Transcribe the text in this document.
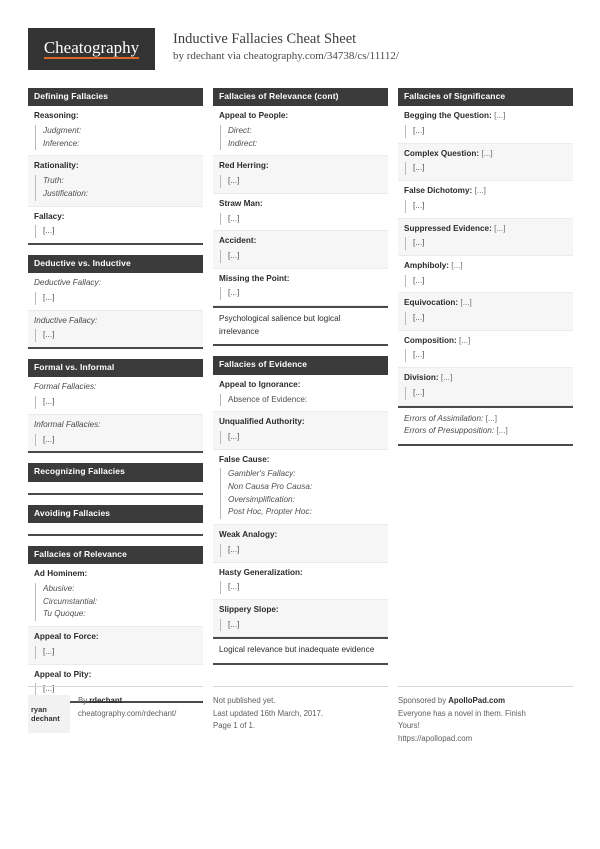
Cheatography Inductive Fallacies Cheat Sheet
by rdechant via cheatography.com/34738/cs/11112/
Defining Fallacies
Reasoning:
Judgment:
Inference:
Rationality:
Truth:
Justification:
Fallacy:
[...]
Deductive vs. Inductive
Deductive Fallacy:
[...]
Inductive Fallacy:
[...]
Formal vs. Informal
Formal Fallacies:
[...]
Informal Fallacies:
[...]
Recognizing Fallacies
Avoiding Fallacies
Fallacies of Relevance
Ad Hominem:
Abusive:
Circumstantial:
Tu Quoque:
Appeal to Force:
[...]
Appeal to Pity:
[...]
Fallacies of Relevance (cont)
Appeal to People:
Direct:
Indirect:
Red Herring:
[...]
Straw Man:
[...]
Accident:
[...]
Missing the Point:
[...]
Psychological salience but logical irrelevance
Fallacies of Evidence
Appeal to Ignorance:
Absence of Evidence:
Unqualified Authority:
[...]
False Cause:
Gambler's Fallacy:
Non Causa Pro Causa:
Oversimplification:
Post Hoc, Propter Hoc:
Weak Analogy:
[...]
Hasty Generalization:
[...]
Slippery Slope:
[...]
Logical relevance but inadequate evidence
Fallacies of Significance
Begging the Question: [...]
[...]
Complex Question: [...]
[...]
False Dichotomy: [...]
[...]
Suppressed Evidence: [...]
[...]
Amphiboly: [...]
[...]
Equivocation: [...]
[...]
Composition: [...]
[...]
Division: [...]
[...]
Errors of Assimilation: [...]
Errors of Presupposition: [...]
ryan
dechant
By rdechant
cheatography.com/rdechant/
Not published yet.
Last updated 16th March, 2017.
Page 1 of 1.
Sponsored by ApolloPad.com
Everyone has a novel in them. Finish
Yours!
https://apollopad.com
